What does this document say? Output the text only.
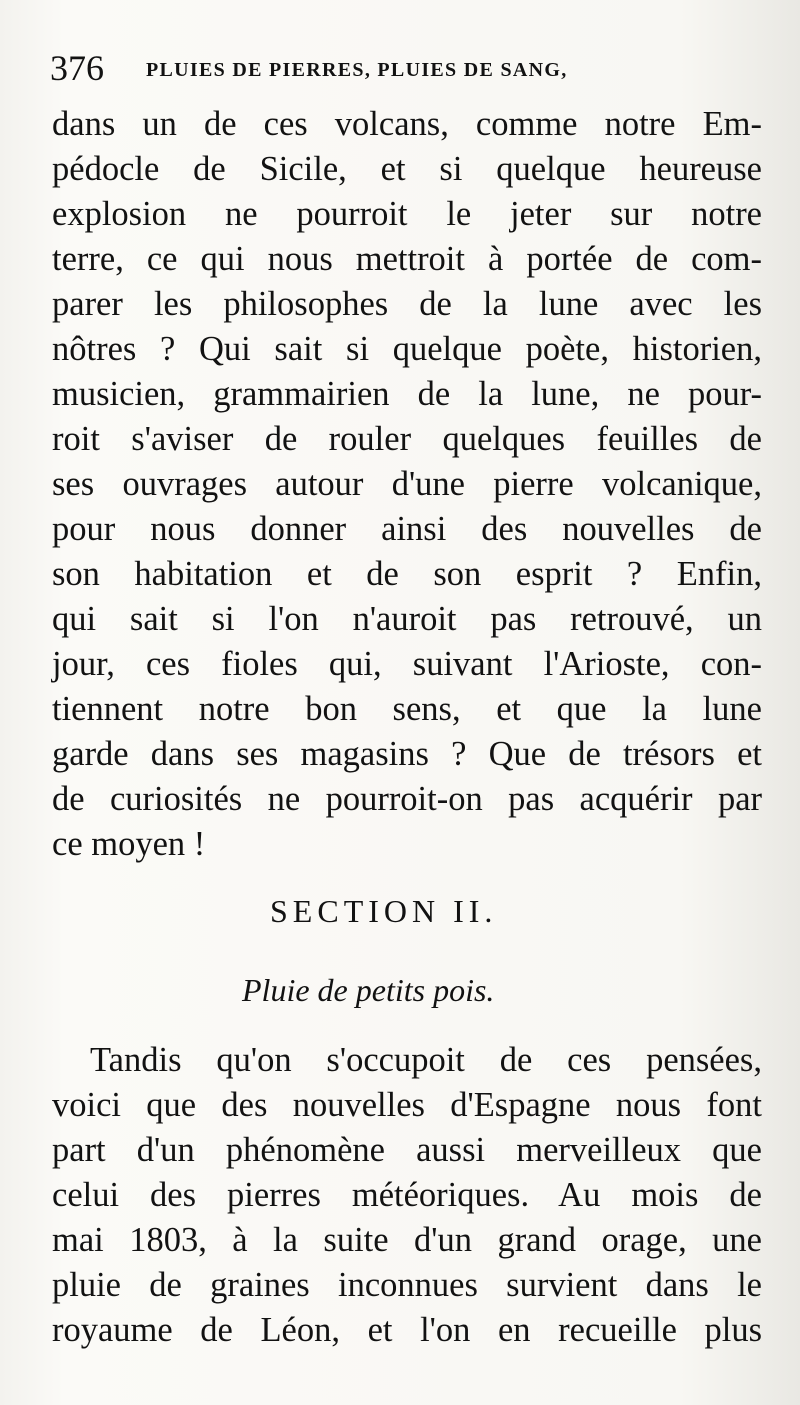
376 PLUIES DE PIERRES, PLUIES DE SANG,
dans un de ces volcans, comme notre Em-
pédocle de Sicile, et si quelque heureuse
explosion ne pourroit le jeter sur notre
terre, ce qui nous mettroit à portée de com-
parer les philosophes de la lune avec les
nôtres ? Qui sait si quelque poète, historien,
musicien, grammairien de la lune, ne pour-
roit s'aviser de rouler quelques feuilles de
ses ouvrages autour d'une pierre volcanique,
pour nous donner ainsi des nouvelles de
son habitation et de son esprit ? Enfin,
qui sait si l'on n'auroit pas retrouvé, un
jour, ces fioles qui, suivant l'Arioste, con-
tiennent notre bon sens, et que la lune
garde dans ses magasins ? Que de trésors et
de curiosités ne pourroit-on pas acquérir par
ce moyen !
SECTION II.
Pluie de petits pois.
Tandis qu'on s'occupoit de ces pensées,
voici que des nouvelles d'Espagne nous font
part d'un phénomène aussi merveilleux que
celui des pierres météoriques. Au mois de
mai 1803, à la suite d'un grand orage, une
pluie de graines inconnues survient dans le
royaume de Léon, et l'on en recueille plus
